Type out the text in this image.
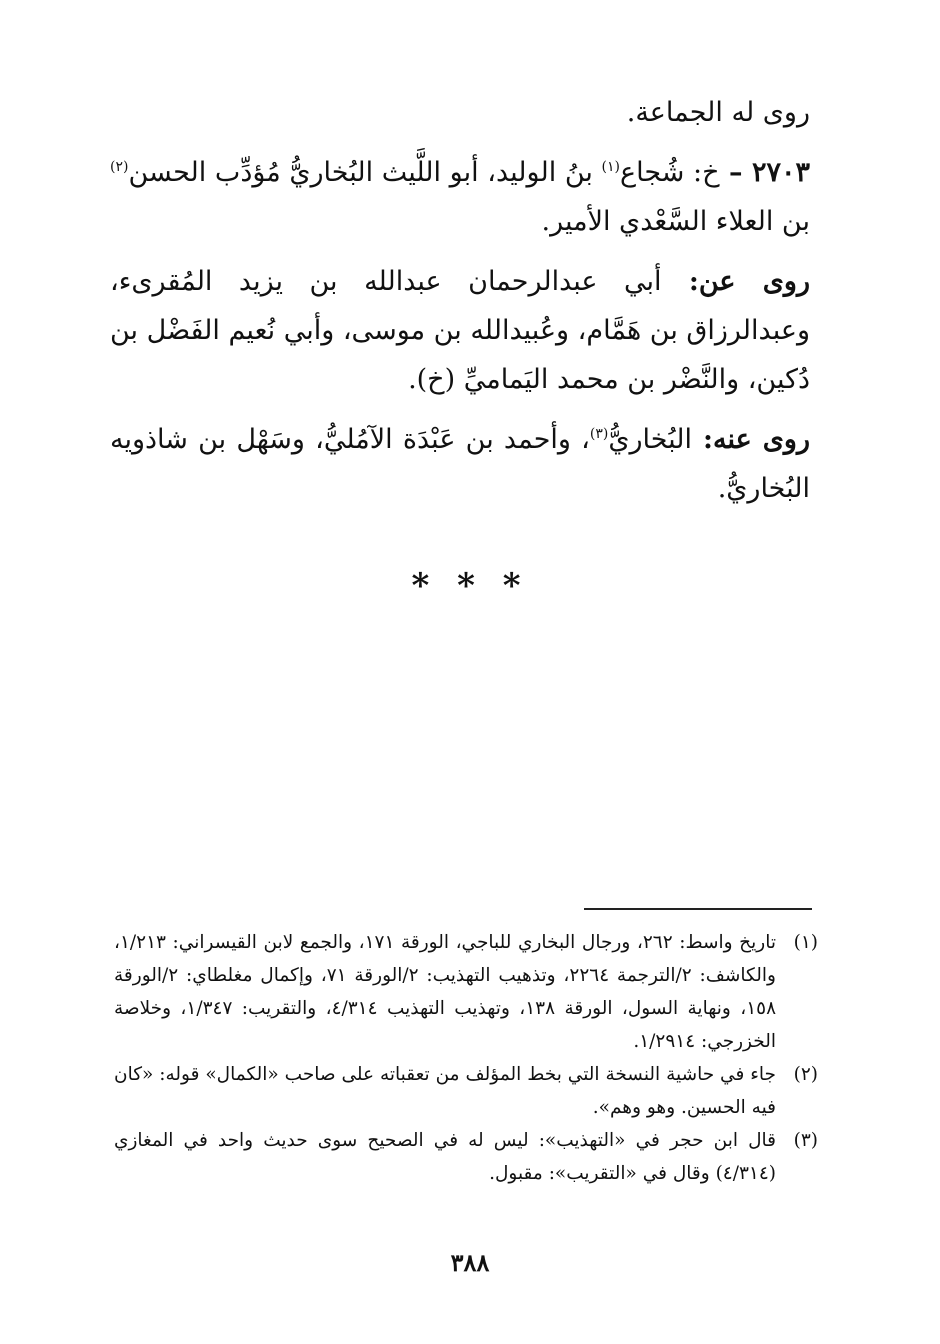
روى له الجماعة.

٢٧٠٣ – خ: شُجاع$^{(١)}$ بنُ الوليد، أبو اللَّيث البُخاريُّ مُؤدِّب الحسن$^{(٢)}$ بن العلاء السَّعْدي الأمير.

روى عن: أبي عبدالرحمان عبدالله بن يزيد المُقرىء، وعبدالرزاق بن هَمَّام، وعُبيدالله بن موسى، وأبي نُعيم الفَضْل بن دُكين، والنَّضْر بن محمد اليَماميِّ (خ).

روى عنه: البُخاريُّ$^{(٣)}$، وأحمد بن عَبْدَة الآمُليُّ، وسَهْل بن شاذويه البُخاريُّ.

* * *
(١)
تاريخ واسط: ٢٦٢، ورجال البخاري للباجي، الورقة ١٧١، والجمع لابن القيسراني: ١/٢١٣، والكاشف: ٢/الترجمة ٢٢٦٤، وتذهيب التهذيب: ٢/الورقة ٧١، وإكمال مغلطاي: ٢/الورقة ١٥٨، ونهاية السول، الورقة ١٣٨، وتهذيب التهذيب ٤/٣١٤، والتقريب: ١/٣٤٧، وخلاصة الخزرجي: ١/٢٩١٤.
(٢)
جاء في حاشية النسخة التي بخط المؤلف من تعقباته على صاحب «الكمال» قوله: «كان فيه الحسين. وهو وهم».
(٣)
قال ابن حجر في «التهذيب»: ليس له في الصحيح سوى حديث واحد في المغازي (٤/٣١٤) وقال في «التقريب»: مقبول.
٣٨٨
